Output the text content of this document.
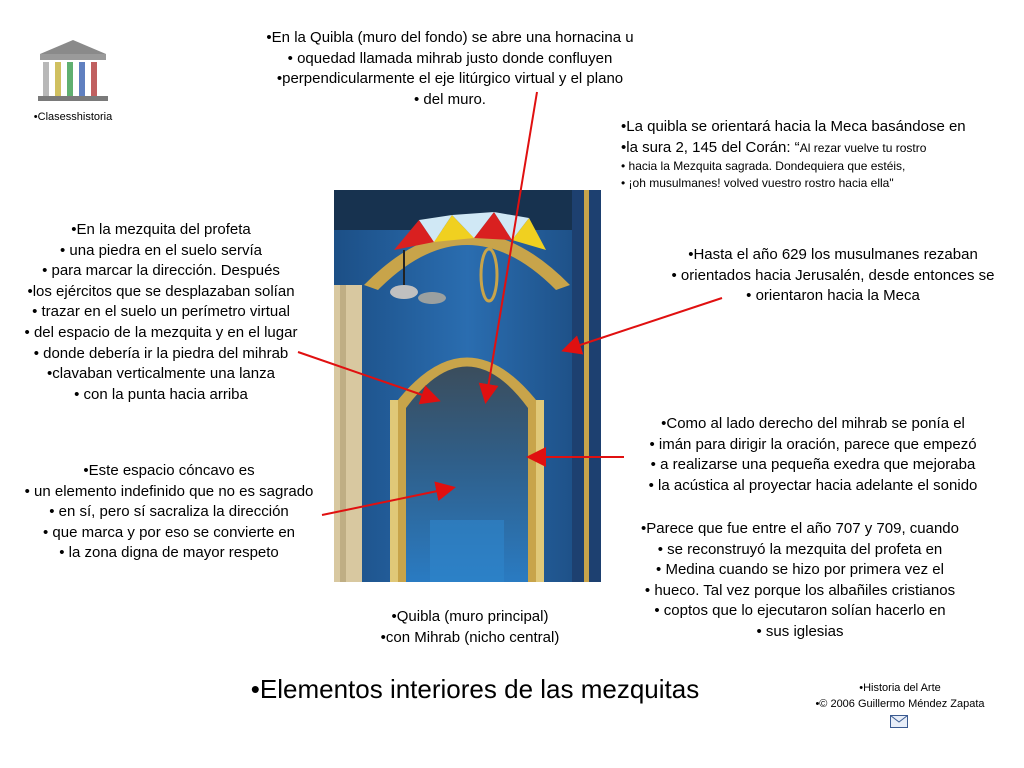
•Clasesshistoria
•En la Quibla (muro del fondo) se abre una hornacina u
• oquedad llamada mihrab justo donde confluyen
•perpendicularmente el eje litúrgico virtual y el plano
• del muro.
•La quibla se orientará hacia la Meca basándose en
•la sura 2, 145 del Corán: “Al rezar vuelve tu rostro
• hacia la Mezquita sagrada. Dondequiera que estéis,
• ¡oh musulmanes! volved vuestro rostro hacia ella"
•En la mezquita del profeta
• una piedra en el suelo servía
• para marcar la dirección. Después
•los ejércitos que se desplazaban solían
• trazar en el suelo un perímetro virtual
• del espacio de la mezquita y en el lugar
• donde debería ir la piedra del mihrab
•clavaban verticalmente una lanza
• con la punta hacia arriba
•Hasta el año 629 los musulmanes rezaban
• orientados hacia Jerusalén, desde entonces se
• orientaron hacia la Meca
•Como al lado derecho del mihrab se ponía el
• imán para dirigir la oración, parece que empezó
• a realizarse una pequeña exedra que mejoraba
• la acústica al proyectar hacia adelante el sonido
•Este espacio cóncavo es
• un elemento indefinido que no es sagrado
• en sí, pero sí sacraliza la dirección
• que marca y por eso se convierte en
• la zona digna de mayor respeto
•Parece que fue entre el año 707 y 709, cuando
• se reconstruyó la mezquita del profeta en
• Medina cuando se hizo por primera vez el
• hueco. Tal vez porque los albañiles cristianos
• coptos que lo ejecutaron solían hacerlo en
• sus iglesias
•Quibla (muro principal)
•con Mihrab (nicho central)
•Elementos interiores de las mezquitas	•Historia del Arte
•© 2006 Guillermo Méndez Zapata
